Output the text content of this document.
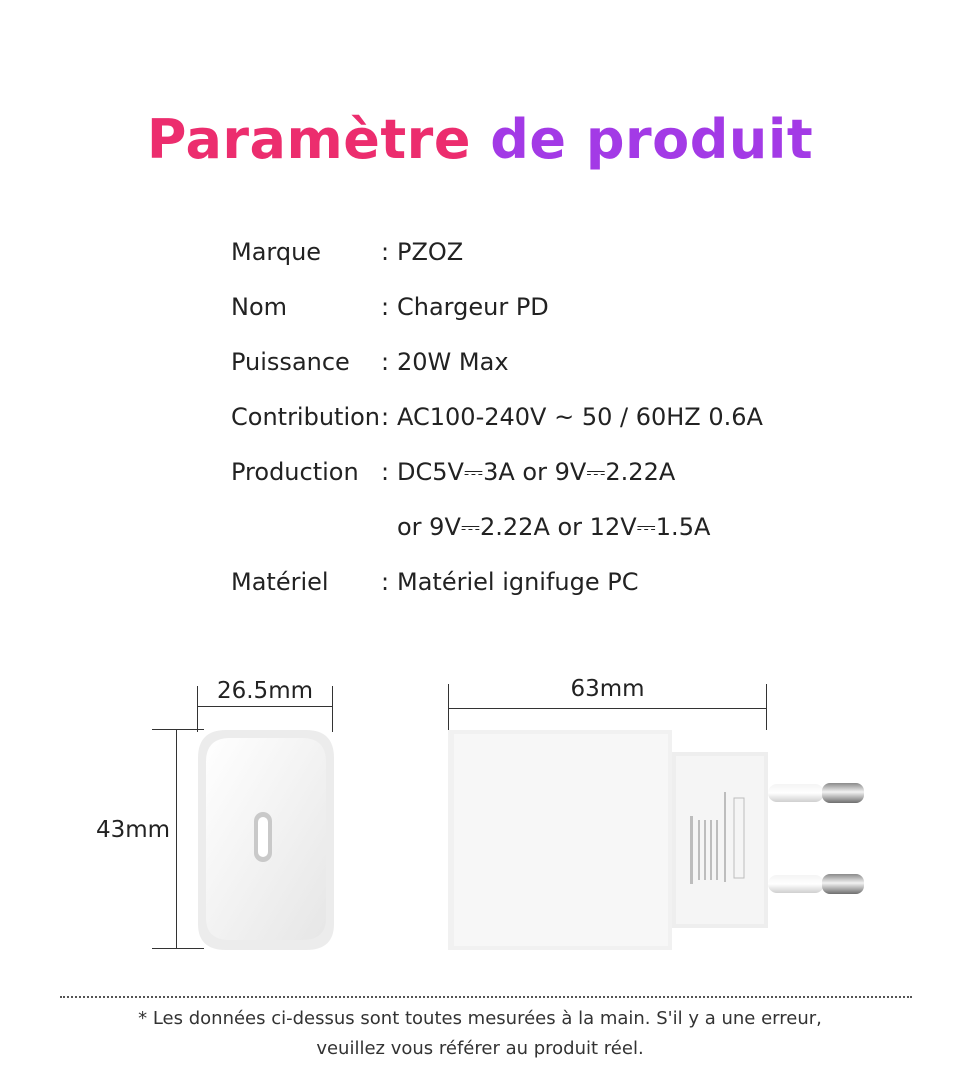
Paramètre de produit
Marque : PZOZ
Nom	: Chargeur PD
Puissance : 20W Max
Contribution : AC100-240V ~ 50 / 60HZ 0.6A
Production : DC5V⎓3A or 9V⎓2.22A
or 9V⎓2.22A or 12V⎓1.5A
Matériel : Matériel ignifuge PC
26.5mm
43mm
63mm
* Les données ci-dessus sont toutes mesurées à la main. S'il y a une erreur,
veuillez vous référer au produit réel.
